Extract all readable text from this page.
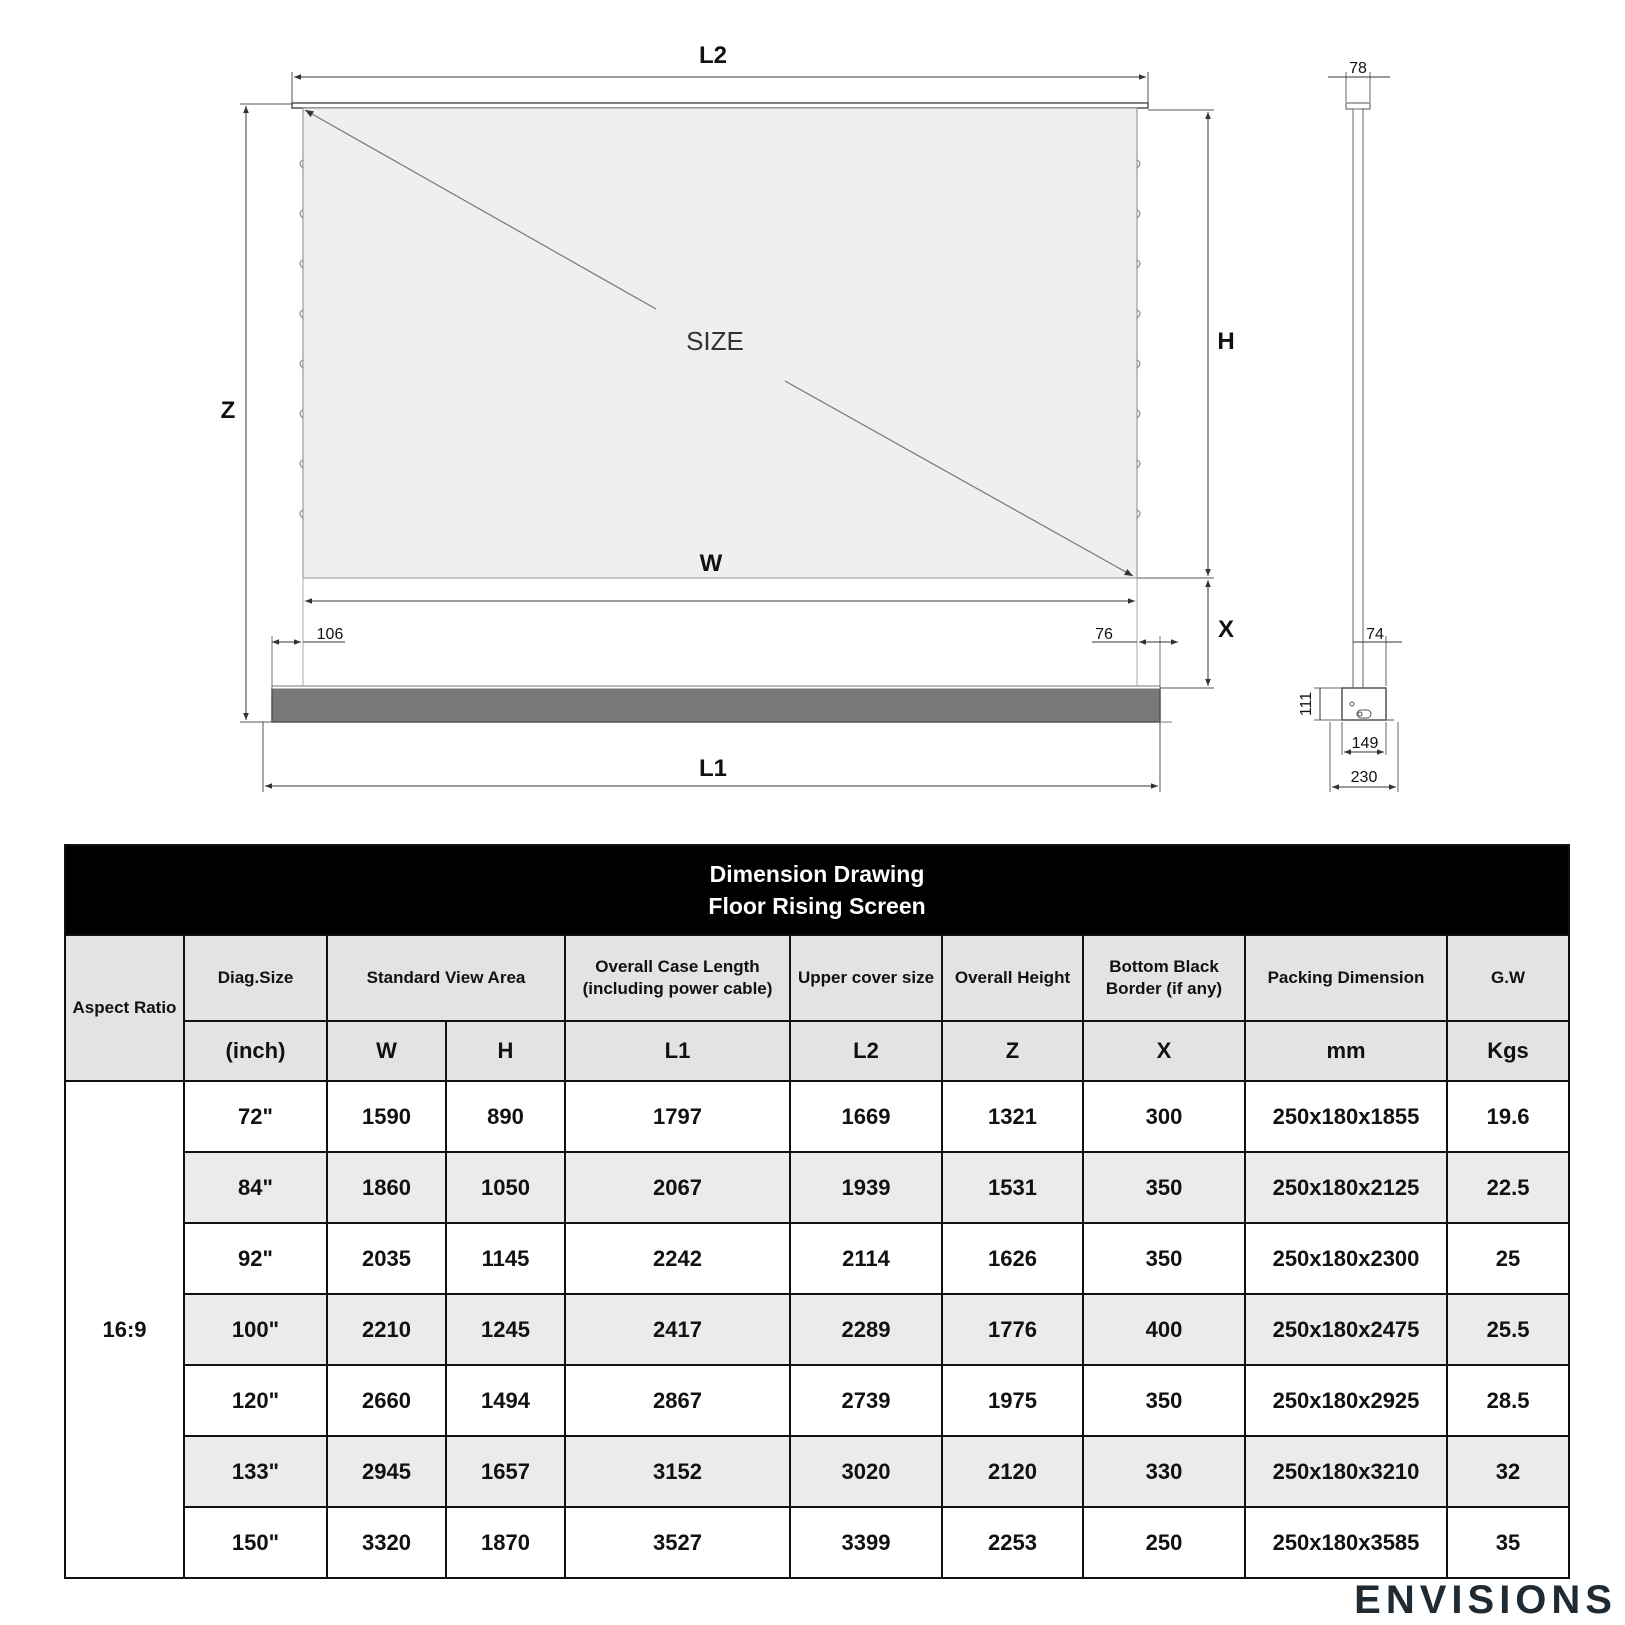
SIZE
L2
Z
H
X
W
106	76
L1
78
74
111
149
230
Dimension Drawing
Floor Rising Screen									

Aspect Ratio	Diag.Size	Standard View Area		Overall Case Length (including power cable)	Upper cover size	Overall Height	Bottom Black Border (if any)	Packing Dimension	G.W
	(inch)	W	H	L1	L2	Z	X	mm	Kgs
16:9	72"	1590	890	1797	1669	1321	300	250x180x1855	19.6
	84"	1860	1050	2067	1939	1531	350	250x180x2125	22.5
	92"	2035	1145	2242	2114	1626	350	250x180x2300	25
	100"	2210	1245	2417	2289	1776	400	250x180x2475	25.5
	120"	2660	1494	2867	2739	1975	350	250x180x2925	28.5
	133"	2945	1657	3152	3020	2120	330	250x180x3210	32
	150"	3320	1870	3527	3399	2253	250	250x180x3585	35
ENVISIONS
